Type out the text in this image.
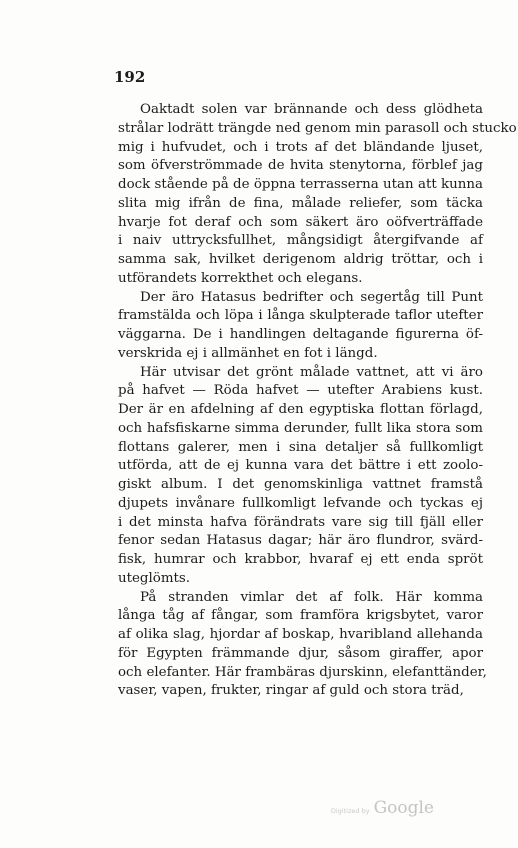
192
Oaktadt solen var brännande och dess glödheta
strålar lodrätt trängde ned genom min parasoll och stucko
mig i hufvudet, och i trots af det bländande ljuset,
som öfverströmmade de hvita stenytorna, förblef jag
dock stående på de öppna terrasserna utan att kunna
slita mig ifrån de fina, målade reliefer, som täcka
hvarje fot deraf och som säkert äro oöfverträffade
i naiv uttrycksfullhet, mångsidigt återgifvande af
samma sak, hvilket derigenom aldrig tröttar, och i
utförandets korrekthet och elegans.
Der äro Hatasus bedrifter och segertåg till Punt
framstälda och löpa i långa skulpterade taflor utefter
väggarna. De i handlingen deltagande figurerna öf-
verskrida ej i allmänhet en fot i längd.
Här utvisar det grönt målade vattnet, att vi äro
på hafvet — Röda hafvet — utefter Arabiens kust.
Der är en afdelning af den egyptiska flottan förlagd,
och hafsfiskarne simma derunder, fullt lika stora som
flottans galerer, men i sina detaljer så fullkomligt
utförda, att de ej kunna vara det bättre i ett zoolo-
giskt album. I det genomskinliga vattnet framstå
djupets invånare fullkomligt lefvande och tyckas ej
i det minsta hafva förändrats vare sig till fjäll eller
fenor sedan Hatasus dagar; här äro flundror, svärd-
fisk, humrar och krabbor, hvaraf ej ett enda spröt
uteglömts.
På stranden vimlar det af folk. Här komma
långa tåg af fångar, som framföra krigsbytet, varor
af olika slag, hjordar af boskap, hvaribland allehanda
för Egypten främmande djur, såsom giraffer, apor
och elefanter. Här frambäras djurskinn, elefanttänder,
vaser, vapen, frukter, ringar af guld och stora träd,
Digitized by Google
